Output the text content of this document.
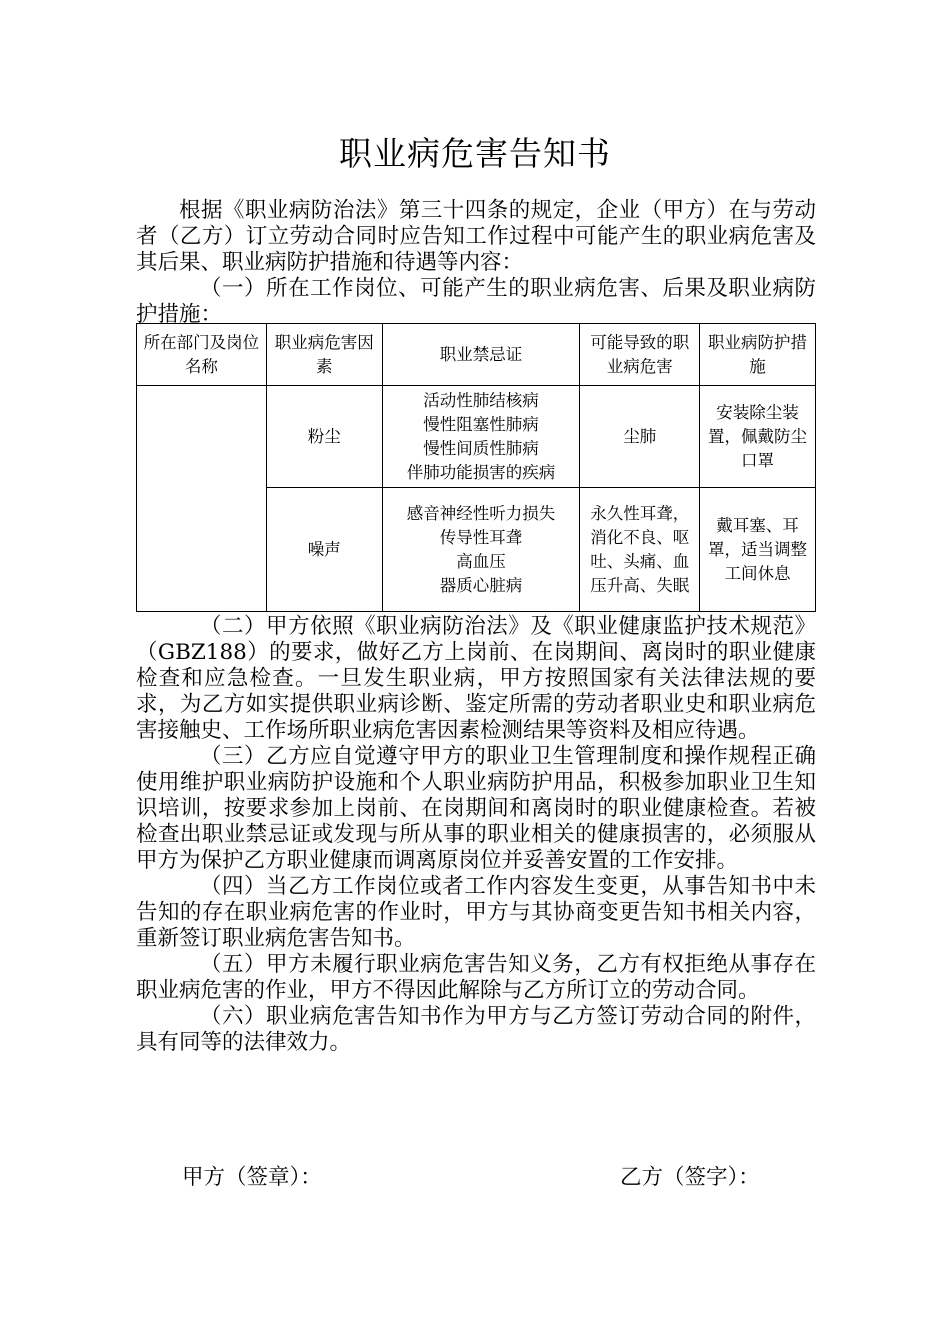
职业病危害告知书

根据《职业病防治法》第三十四条的规定，企业（甲方）在与劳动者（乙方）订立劳动合同时应告知工作过程中可能产生的职业病危害及其后果、职业病防护措施和待遇等内容：

（一）所在工作岗位、可能产生的职业病危害、后果及职业病防护措施：

所在部门及岗位名称	职业病危害因素	职业禁忌证	可能导致的职业病危害	职业病防护措施
	粉尘	活动性肺结核病
慢性阻塞性肺病
慢性间质性肺病
伴肺功能损害的疾病	尘肺	安装除尘装置，佩戴防尘口罩
	噪声	感音神经性听力损失
传导性耳聋
高血压
器质心脏病	永久性耳聋，消化不良、呕吐、头痛、血压升高、失眠	戴耳塞、耳罩，适当调整工间休息

（二）甲方依照《职业病防治法》及《职业健康监护技术规范》（GBZ188）的要求，做好乙方上岗前、在岗期间、离岗时的职业健康检查和应急检查。一旦发生职业病，甲方按照国家有关法律法规的要求，为乙方如实提供职业病诊断、鉴定所需的劳动者职业史和职业病危害接触史、工作场所职业病危害因素检测结果等资料及相应待遇。

（三）乙方应自觉遵守甲方的职业卫生管理制度和操作规程正确使用维护职业病防护设施和个人职业病防护用品，积极参加职业卫生知识培训，按要求参加上岗前、在岗期间和离岗时的职业健康检查。若被检查出职业禁忌证或发现与所从事的职业相关的健康损害的，必须服从甲方为保护乙方职业健康而调离原岗位并妥善安置的工作安排。

（四）当乙方工作岗位或者工作内容发生变更，从事告知书中未告知的存在职业病危害的作业时，甲方与其协商变更告知书相关内容，重新签订职业病危害告知书。

（五）甲方未履行职业病危害告知义务，乙方有权拒绝从事存在职业病危害的作业，甲方不得因此解除与乙方所订立的劳动合同。

（六）职业病危害告知书作为甲方与乙方签订劳动合同的附件，具有同等的法律效力。

甲方（签章）：	乙方（签字）：
